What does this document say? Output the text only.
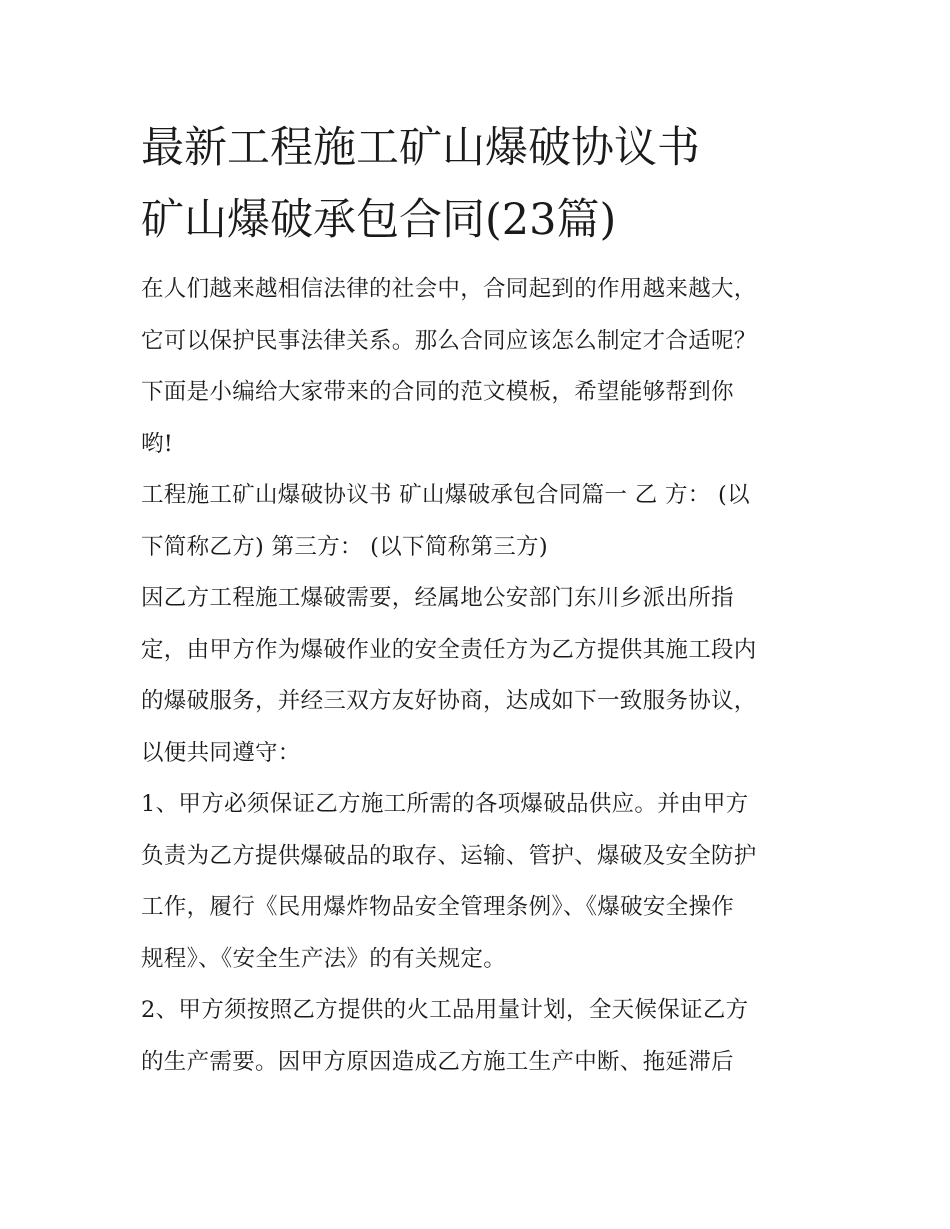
最新工程施工矿山爆破协议书
矿山爆破承包合同(23篇)

在人们越来越相信法律的社会中，合同起到的作用越来越大，
它可以保护民事法律关系。那么合同应该怎么制定才合适呢？
下面是小编给大家带来的合同的范文模板，希望能够帮到你
哟!

工程施工矿山爆破协议书 矿山爆破承包合同篇一 乙 方： (以
下简称乙方) 第三方： (以下简称第三方)

因乙方工程施工爆破需要，经属地公安部门东川乡派出所指
定，由甲方作为爆破作业的安全责任方为乙方提供其施工段内
的爆破服务，并经三双方友好协商，达成如下一致服务协议，
以便共同遵守：

1、甲方必须保证乙方施工所需的各项爆破品供应。并由甲方
负责为乙方提供爆破品的取存、运输、管护、爆破及安全防护
工作，履行《民用爆炸物品安全管理条例》、《爆破安全操作
规程》、《安全生产法》的有关规定。

2、甲方须按照乙方提供的火工品用量计划，全天候保证乙方
的生产需要。因甲方原因造成乙方施工生产中断、拖延滞后
